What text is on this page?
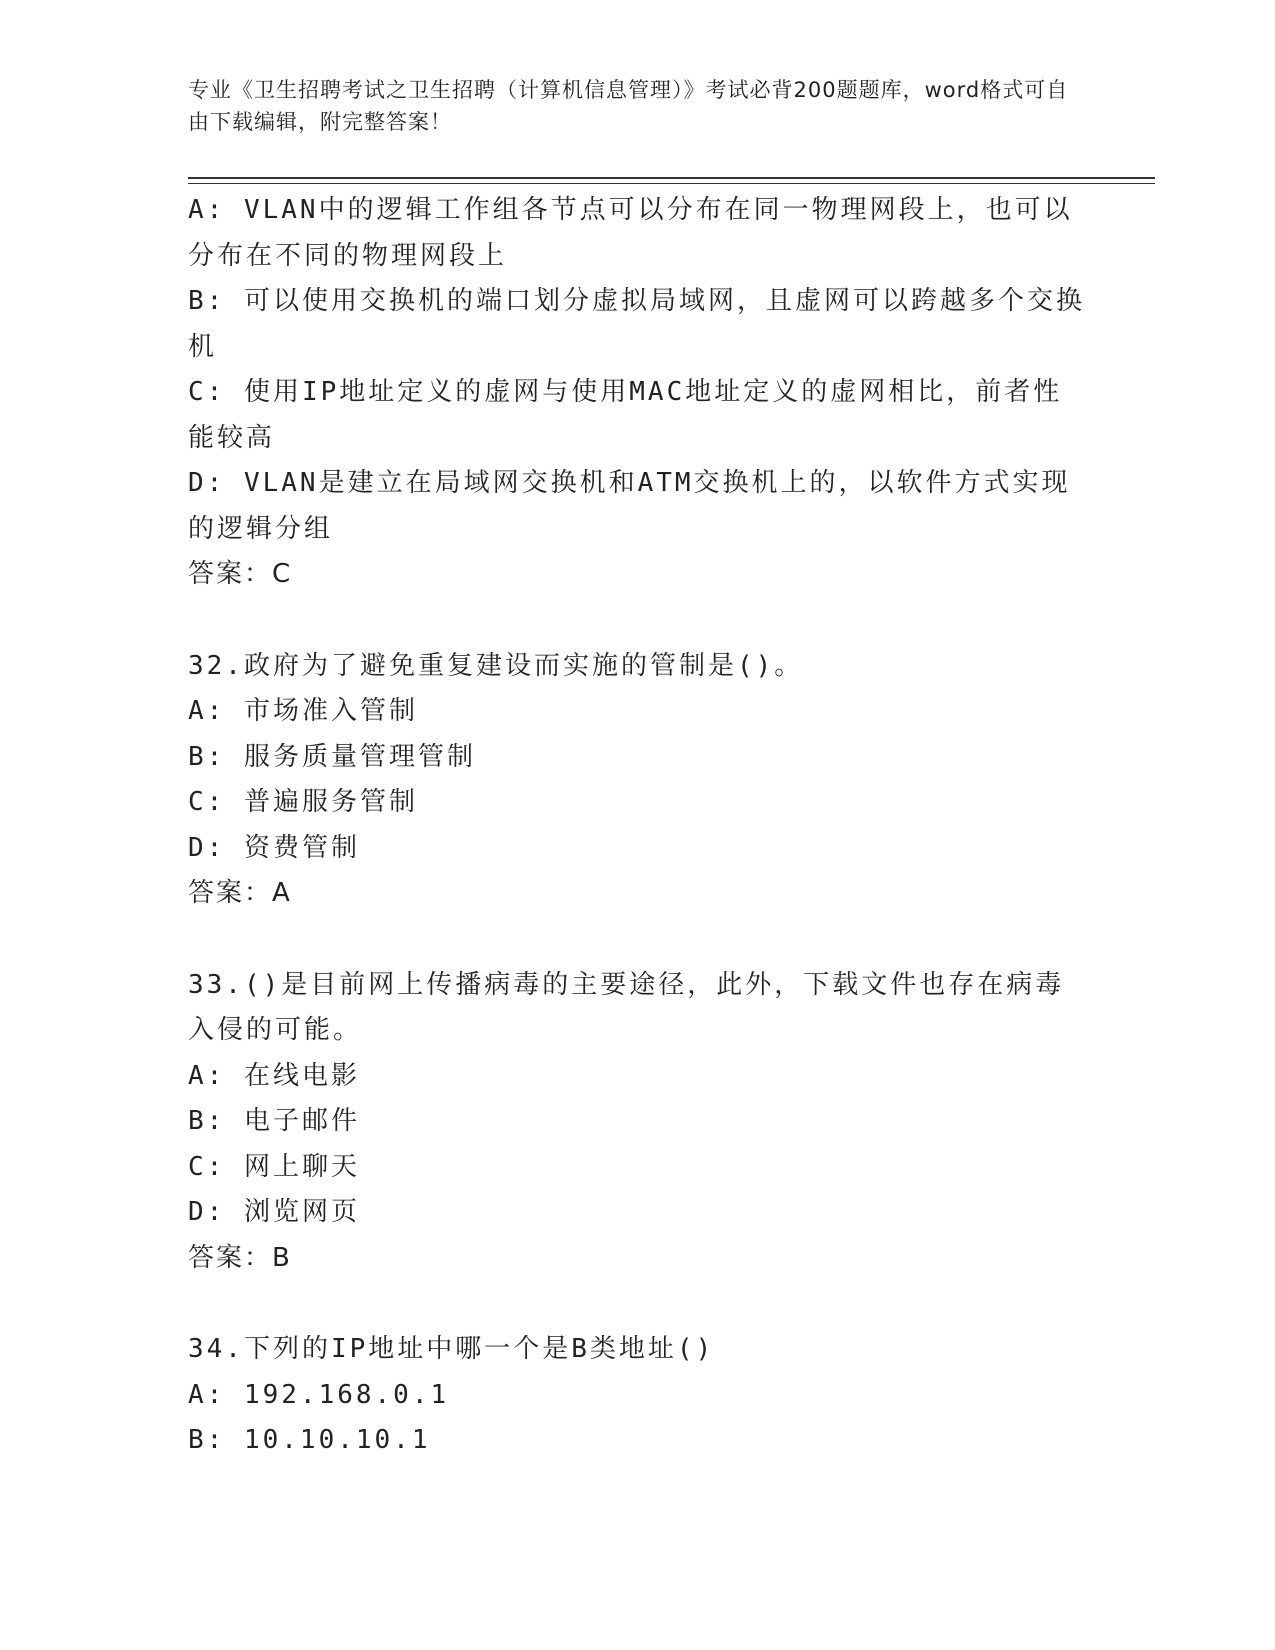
专业《卫生招聘考试之卫生招聘（计算机信息管理）》考试必背200题题库，word格式可自由下载编辑，附完整答案！
A: VLAN中的逻辑工作组各节点可以分布在同一物理网段上，也可以分布在不同的物理网段上
B: 可以使用交换机的端口划分虚拟局域网，且虚网可以跨越多个交换机
C: 使用IP地址定义的虚网与使用MAC地址定义的虚网相比，前者性能较高
D: VLAN是建立在局域网交换机和ATM交换机上的，以软件方式实现的逻辑分组
答案：C
32.政府为了避免重复建设而实施的管制是()。
A: 市场准入管制
B: 服务质量管理管制
C: 普遍服务管制
D: 资费管制
答案：A
33.()是目前网上传播病毒的主要途径，此外，下载文件也存在病毒入侵的可能。
A: 在线电影
B: 电子邮件
C: 网上聊天
D: 浏览网页
答案：B
34.下列的IP地址中哪一个是B类地址()
A: 192.168.0.1
B: 10.10.10.1
